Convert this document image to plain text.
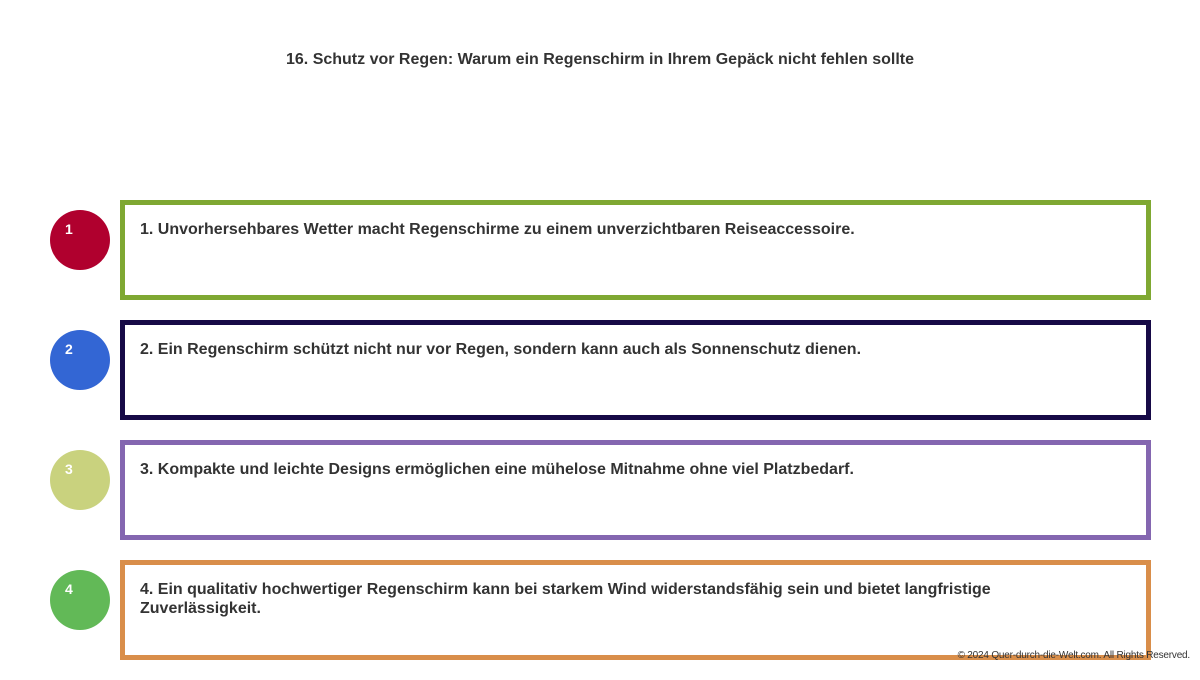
16. Schutz vor Regen: Warum ein Regenschirm in Ihrem Gepäck nicht fehlen sollte
1	1. Unvorhersehbares Wetter macht Regenschirme zu einem unverzichtbaren Reiseaccessoire.
2	2. Ein Regenschirm schützt nicht nur vor Regen, sondern kann auch als Sonnenschutz dienen.
3	3. Kompakte und leichte Designs ermöglichen eine mühelose Mitnahme ohne viel Platzbedarf.
4	4. Ein qualitativ hochwertiger Regenschirm kann bei starkem Wind widerstandsfähig sein und bietet langfristige Zuverlässigkeit.
© 2024 Quer-durch-die-Welt.com. All Rights Reserved.
